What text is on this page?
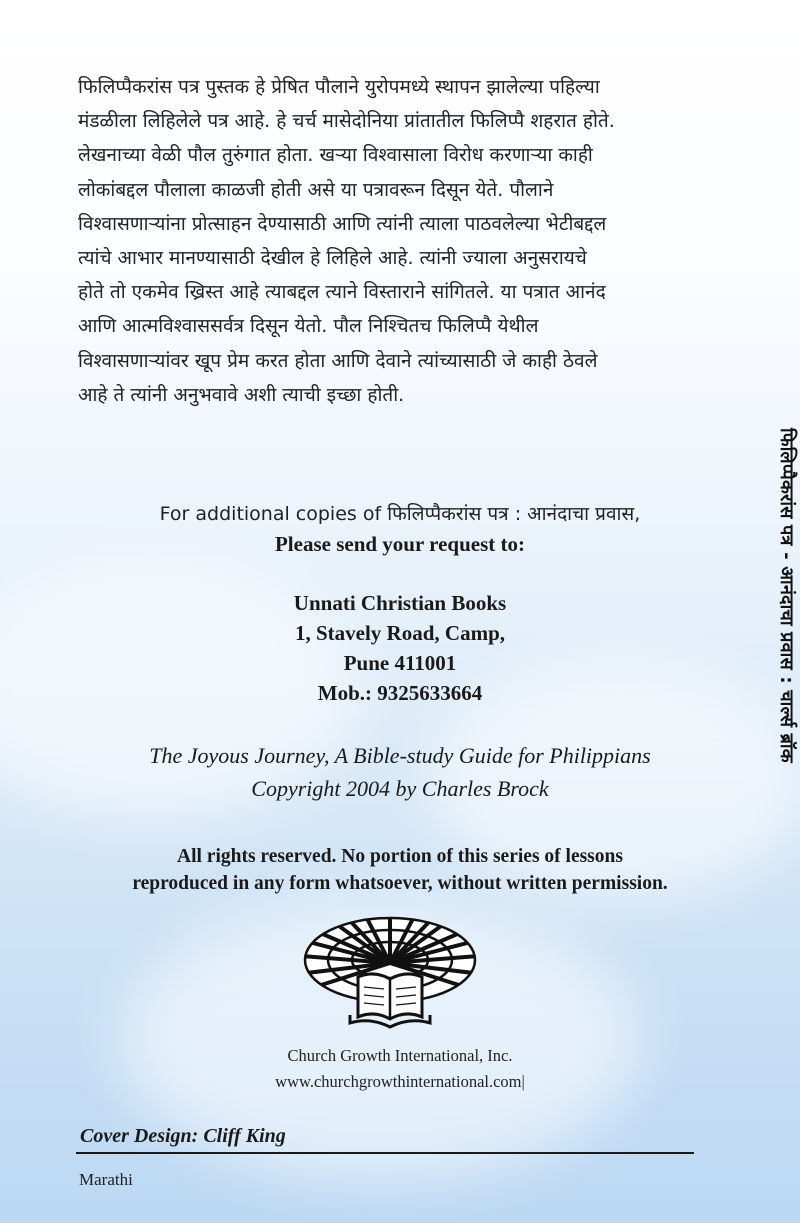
फिलिप्पैकरांस पत्र पुस्तक हे प्रेषित पौलाने युरोपमध्ये स्थापन झालेल्या पहिल्या
मंडळीला लिहिलेले पत्र आहे. हे चर्च मासेदोनिया प्रांतातील फिलिप्पै शहरात होते.
लेखनाच्या वेळी पौल तुरुंगात होता. खऱ्या विश्वासाला विरोध करणाऱ्या काही
लोकांबद्दल पौलाला काळजी होती असे या पत्रावरून दिसून येते. पौलाने
विश्वासणाऱ्यांना प्रोत्साहन देण्यासाठी आणि त्यांनी त्याला पाठवलेल्या भेटीबद्दल
त्यांचे आभार मानण्यासाठी देखील हे लिहिले आहे. त्यांनी ज्याला अनुसरायचे
होते तो एकमेव ख्रिस्त आहे त्याबद्दल त्याने विस्ताराने सांगितले. या पत्रात आनंद
आणि आत्मविश्वाससर्वत्र दिसून येतो. पौल निश्चितच फिलिप्पै येथील
विश्वासणाऱ्यांवर खूप प्रेम करत होता आणि देवाने त्यांच्यासाठी जे काही ठेवले
आहे ते त्यांनी अनुभवावे अशी त्याची इच्छा होती.
फिलिप्पैकरांस पत्र - आनंदाचा प्रवास : चार्ल्स ब्रॉक
For additional copies of फिलिप्पैकरांस पत्र : आनंदाचा प्रवास,
Please send your request to:
Unnati Christian Books
1, Stavely Road, Camp,
Pune 411001
Mob.: 9325633664
The Joyous Journey, A Bible-study Guide for Philippians
Copyright 2004 by Charles Brock
All rights reserved. No portion of this series of lessons
reproduced in any form whatsoever, without written permission.
Church Growth International, Inc.
www.churchgrowthinternational.com|
Cover Design: Cliff King
Marathi
